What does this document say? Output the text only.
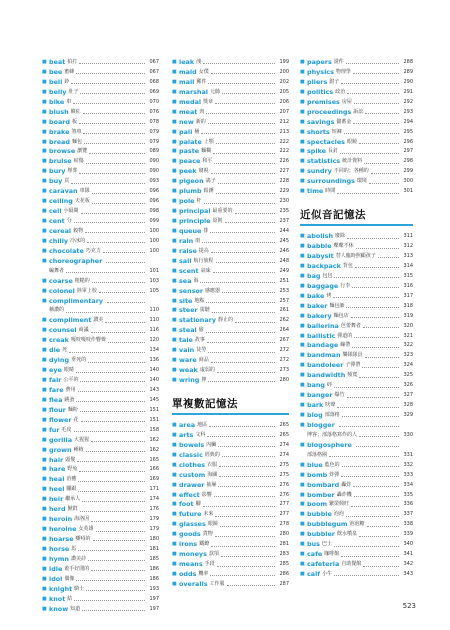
■ beat 拍打	067
■ bee 蜜蜂	067
■ bell 鈴	068
■ belly 肚子	069
■ bike 車	070
■ blush 臉紅	076
■ board 板	078
■ brake 煞車	079
■ bread 麵包	079
■ browse 瀏覽	089
■ bruise 瘀傷	090
■ bury 埋葬	090
■ buy 買	093
■ caravan 車隊	096
■ ceiling 天花板	096
■ cell 小隔間	098
■ cent 分	099
■ cereal 穀物	100
■ chilly 冷冰的	100
■ chocolate 巧克力	100
■ choreographer
編舞者	101
■ coarse 粗糙的	103
■ colonel 陸軍上校	105
■ complimentary
稱讚的	110
■ compliment 讚美	110
■ counsel 商議	116
■ creak 嘎吱嘎吱作響聲	120
■ die 死	134
■ dying 垂死的	136
■ eye 眼睛	140
■ fair 公平的	140
■ fare 費用	143
■ flea 跳蚤	145
■ flour 麵粉	151
■ flower 花	151
■ fur 毛皮	158
■ gorilla 大猩猩	162
■ grown 種植	162
■ hair 頭髮	165
■ hare 野兔	166
■ heal 治癒	169
■ heel 腳跟	171
■ heir 繼承人	174
■ herd 獸群	176
■ heroin 海洛因	179
■ heroine 女英雄	179
■ hoarse 嘶啞的	180
■ horse 馬	181
■ hymn 讚美詩	185
■ idle 遊手好閒的	186
■ idol 偶像	186
■ knight 騎士	193
■ knot 結	197
■ know 知道	197
■ leak 洩	199
■ maid 女僕	200
■ mail 郵件	202
■ marshal 元帥	205
■ medal 獎章	206
■ meat 肉	207
■ new 新的	212
■ pail 桶	213
■ palate 上顎	222
■ paste 麵糊	222
■ peace 和平	226
■ peek 窺視	227
■ pigeon 鴿子	228
■ plumb 鉛錘	229
■ pole 杆	230
■ principal 最重要的	235
■ principle 原則	237
■ queue 排	244
■ rain 雨	245
■ raise 提高	246
■ sail 航行旅程	248
■ scent 氣味	249
■ sea 海	251
■ sensor 感應器	253
■ site 地點	257
■ steer 駕駛	261
■ stationary 靜止的	262
■ steal 偷	264
■ tale 故事	267
■ vain 徒勞	272
■ ware 商品	272
■ weak 虛弱的	273
■ wring 擰	280
單複數記憶法
■ area 地區	265
■ arts 文科	265
■ bowels 內臟	274
■ classic 經典的	274
■ clothes 衣服	275
■ custom 海關	275
■ drawer 抽屜	276
■ effect 影響	276
■ foot 腳	277
■ future 未來	277
■ glasses 眼鏡	278
■ goods 貨物	280
■ irons 鐵鐐	281
■ moneys 款項	283
■ means 手段	285
■ odds 機率	286
■ overalls 工作服	287
■ papers 證件	288
■ physics 物理學	289
■ pliers 鉗子	290
■ politics 政治	291
■ premises 房屋	292
■ proceedings 訴訟	293
■ savings 儲蓄金	294
■ shorts 短褲	295
■ spectacles 眼鏡	296
■ spike 長釘	297
■ statistics 統計資料	298
■ sundry 不同的；各種的	299
■ surroundings 環境	300
■ time 時間	301
近似音記憶法
■ abolish 廢除	311
■ babble 喋喋不休	312
■ babysit 替人臨時照顧孩子	313
■ backpack 背包	314
■ bag 包包	315
■ baggage 行李	316
■ bake 烤	317
■ baker 麵包師	318
■ bakery 麵包店	319
■ ballerina 芭蕾舞者	320
■ ballistic 彈道的	321
■ bandage 繃帶	322
■ bandman 樂隊隊員	323
■ bandoleer 子彈帶	324
■ bandwidth 頻寬	325
■ bang 砰	326
■ banger 爆竹	327
■ bark 吠聲	328
■ blog 部落格	329
■ blogger
博客；部落格寫作的人	330
■ blogosphere
部落格圈	331
■ blue 藍色的	332
■ bomb 炸彈	333
■ bombard 轟炸	334
■ bomber 轟炸機	335
■ boom 繁榮興旺	336
■ bubble 泡泡	337
■ bubblegum 泡泡糖	338
■ bubbler 飲水噴泉	339
■ bus 巴士	340
■ cafe 咖啡館	341
■ cafeteria 自助餐館	342
■ calf 小牛	343
523
